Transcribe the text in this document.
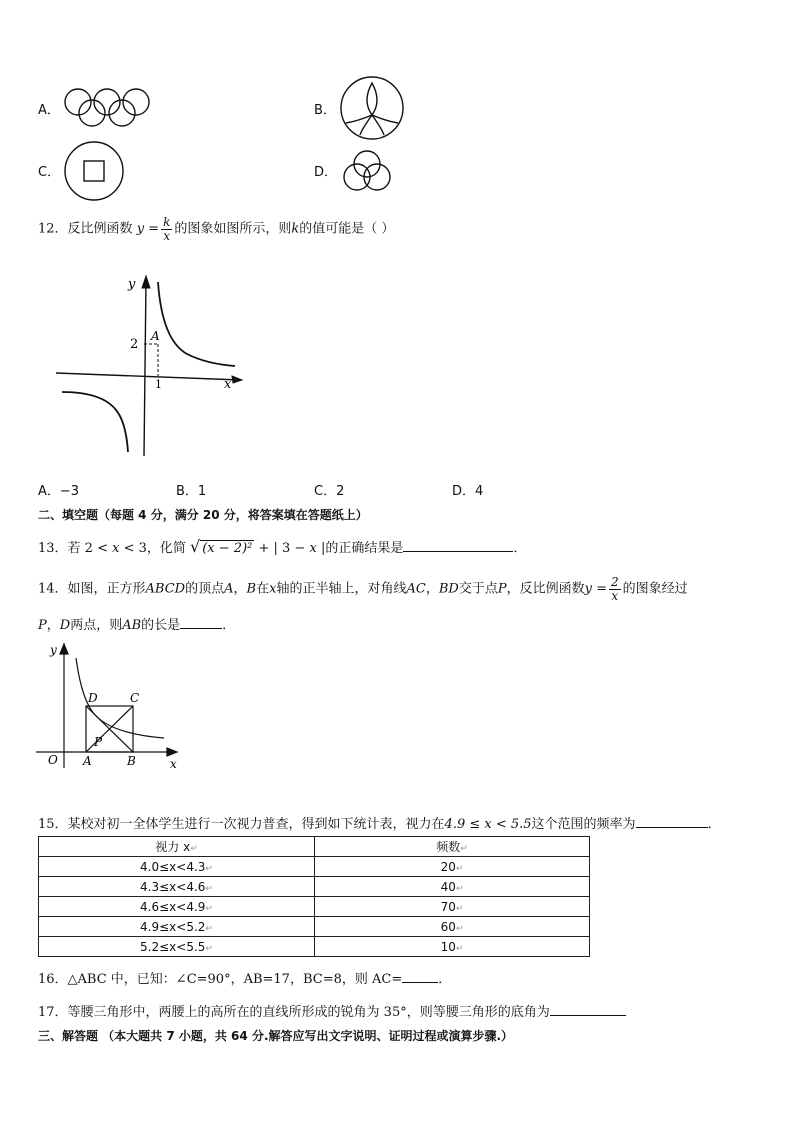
A．	B．
C．	D．
12．反比例函数 $y = \frac{k}{x}$ 的图象如图所示，则k的值可能是（ ）
y
x
A
2
1
A．−3	B．1	C．2	D．4
二、填空题（每题 4 分，满分 20 分，将答案填在答题纸上）
13．若 2 < x < 3，化简 √ (x − 2)² + | 3 − x |的正确结果是	．
14．如图，正方形ABCD的顶点A，B在x轴的正半轴上，对角线AC，BD交于点P，反比例函数$y = \frac{2}{x}$ 的图象经过
P，D两点，则AB的长是	．
y
x
O A	B
C
D
P
15．某校对初一全体学生进行一次视力普查，得到如下统计表，视力在4.9 ≤ x < 5.5这个范围的频率为	．
视力 x↵	频数↵
4.0≤x<4.3↵	20↵
4.3≤x<4.6↵	40↵
4.6≤x<4.9↵	70↵
4.9≤x<5.2↵	60↵
5.2≤x<5.5↵	10↵
16．△ABC 中，已知：∠C=90°，AB=17，BC=8，则 AC=	．
17．等腰三角形中，两腰上的高所在的直线所形成的锐角为 35°，则等腰三角形的底角为
三、解答题 （本大题共 7 小题，共 64 分.解答应写出文字说明、证明过程或演算步骤.）
